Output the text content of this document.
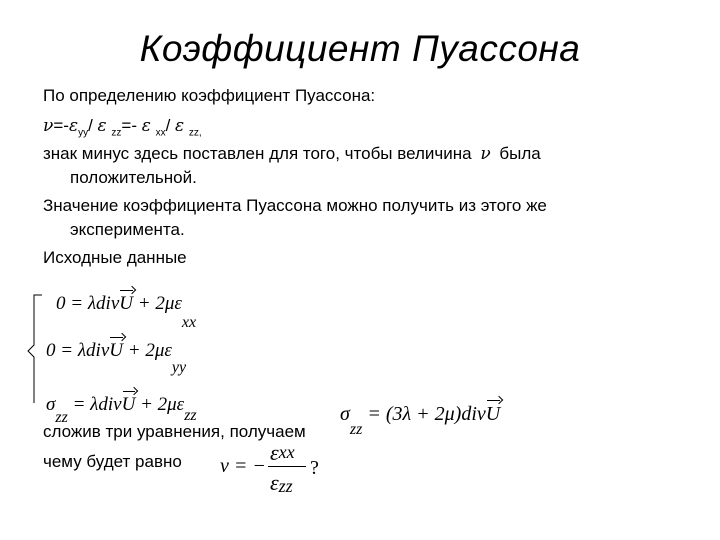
Коэффициент Пуассона
По определению коэффициент Пуассона:
$\nu=-\varepsilon_{yy}/$ ε $_{zz}$=- ε $_{xx}$/ ε $_{zz,}$
знак минус здесь поставлен для того, чтобы величина ν была
положительной.
Значение коэффициента Пуассона можно получить из этого же
эксперимента.
Исходные данные
0 = λdivU + $2\mu\varepsilon_{xx}$
0 = λdivU + $2\mu\varepsilon_{yy}$
$\sigma_{zz}$ = λdivU + $2\mu\varepsilon_{zz}$
сложив три уравнения, получаем
$\sigma_{zz} = (3\lambda$ + 2μ)divU
чему будет равно ν = −
εxx
εzz
?
